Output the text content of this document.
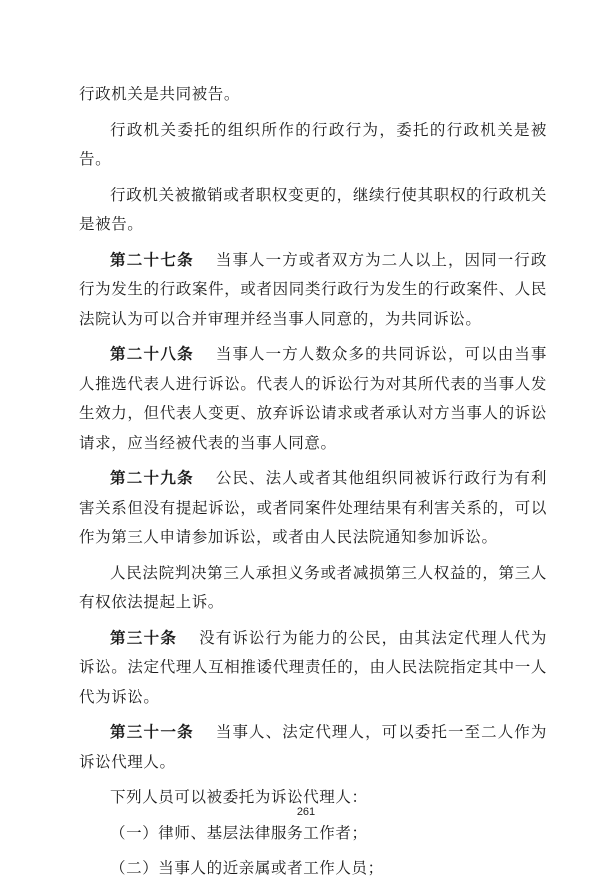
行政机关是共同被告。

行政机关委托的组织所作的行政行为，委托的行政机关是被告。

行政机关被撤销或者职权变更的，继续行使其职权的行政机关是被告。

第二十七条 当事人一方或者双方为二人以上，因同一行政行为发生的行政案件，或者因同类行政行为发生的行政案件、人民法院认为可以合并审理并经当事人同意的，为共同诉讼。

第二十八条 当事人一方人数众多的共同诉讼，可以由当事人推选代表人进行诉讼。代表人的诉讼行为对其所代表的当事人发生效力，但代表人变更、放弃诉讼请求或者承认对方当事人的诉讼请求，应当经被代表的当事人同意。

第二十九条 公民、法人或者其他组织同被诉行政行为有利害关系但没有提起诉讼，或者同案件处理结果有利害关系的，可以作为第三人申请参加诉讼，或者由人民法院通知参加诉讼。

人民法院判决第三人承担义务或者减损第三人权益的，第三人有权依法提起上诉。

第三十条 没有诉讼行为能力的公民，由其法定代理人代为诉讼。法定代理人互相推诿代理责任的，由人民法院指定其中一人代为诉讼。

第三十一条 当事人、法定代理人，可以委托一至二人作为诉讼代理人。

下列人员可以被委托为诉讼代理人：

（一）律师、基层法律服务工作者；

（二）当事人的近亲属或者工作人员；

261
